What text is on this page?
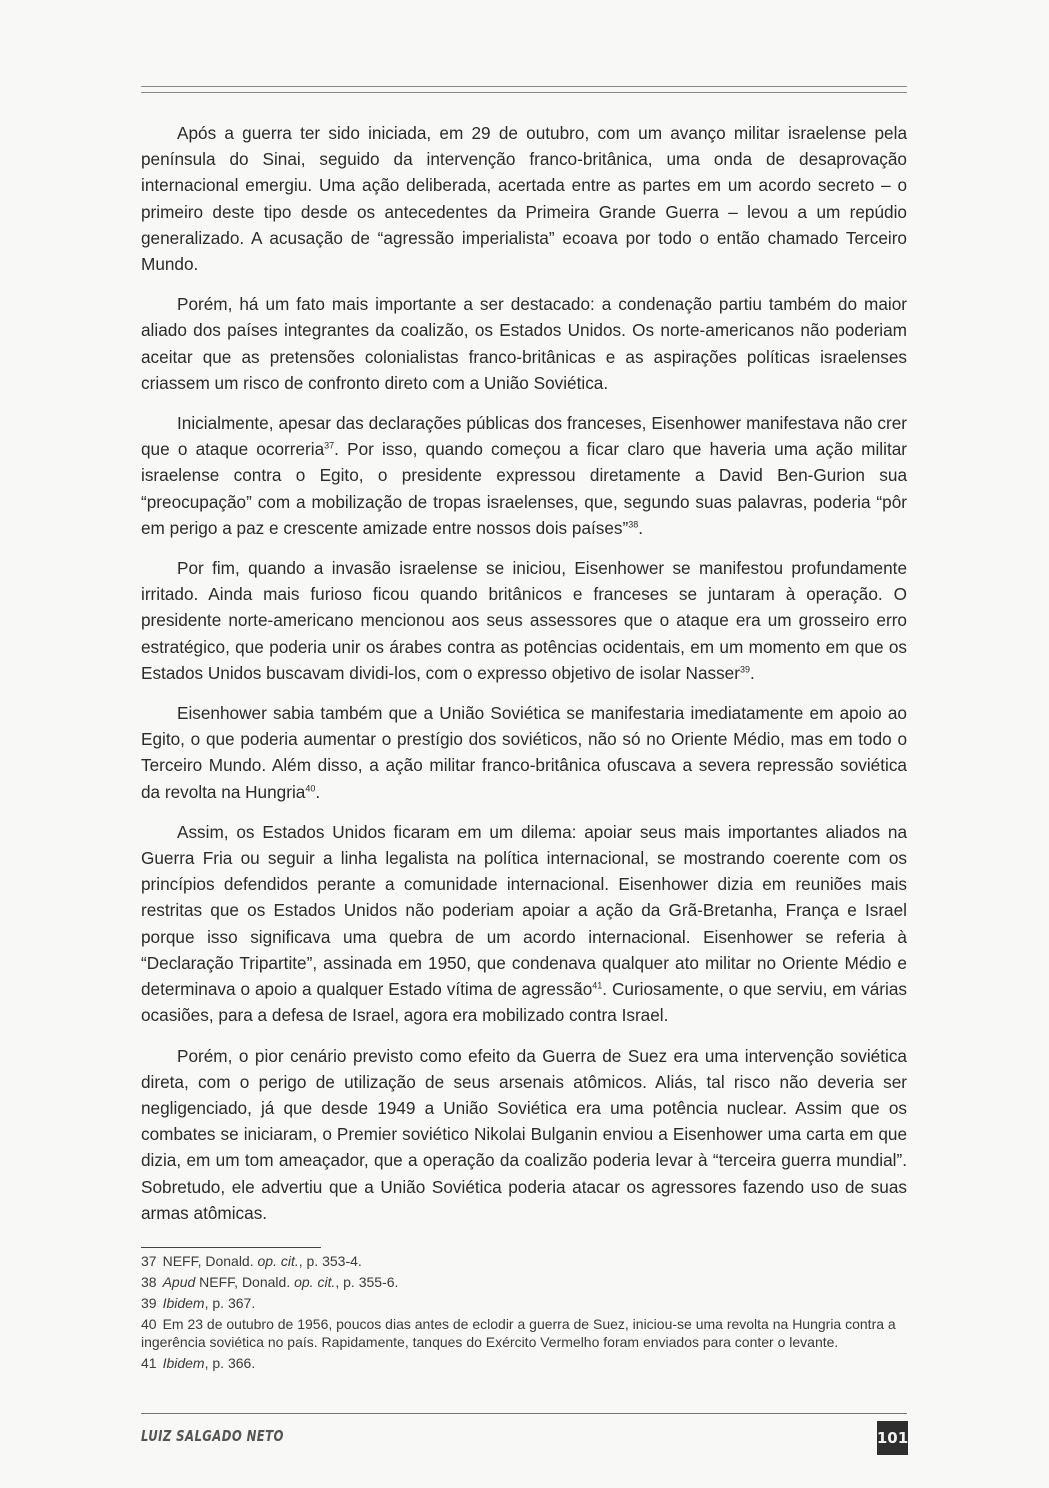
Após a guerra ter sido iniciada, em 29 de outubro, com um avanço militar israelense pela península do Sinai, seguido da intervenção franco-britânica, uma onda de desaprovação internacional emergiu. Uma ação deliberada, acertada entre as partes em um acordo secreto – o primeiro deste tipo desde os antecedentes da Primeira Grande Guerra – levou a um repúdio generalizado. A acusação de “agressão imperialista” ecoava por todo o então chamado Terceiro Mundo.

Porém, há um fato mais importante a ser destacado: a condenação partiu também do maior aliado dos países integrantes da coalizão, os Estados Unidos. Os norte-americanos não poderiam aceitar que as pretensões colonialistas franco-britânicas e as aspirações políticas israelenses criassem um risco de confronto direto com a União Soviética.

Inicialmente, apesar das declarações públicas dos franceses, Eisenhower manifestava não crer que o ataque ocorreria$^{37}$. Por isso, quando começou a ficar claro que haveria uma ação militar israelense contra o Egito, o presidente expressou diretamente a David Ben-Gurion sua “preocupação” com a mobilização de tropas israelenses, que, segundo suas palavras, poderia “pôr em perigo a paz e crescente amizade entre nossos dois países”$^{38}$.

Por fim, quando a invasão israelense se iniciou, Eisenhower se manifestou profundamente irritado. Ainda mais furioso ficou quando britânicos e franceses se juntaram à operação. O presidente norte-americano mencionou aos seus assessores que o ataque era um grosseiro erro estratégico, que poderia unir os árabes contra as potências ocidentais, em um momento em que os Estados Unidos buscavam dividi-los, com o expresso objetivo de isolar Nasser$^{39}$.

Eisenhower sabia também que a União Soviética se manifestaria imediatamente em apoio ao Egito, o que poderia aumentar o prestígio dos soviéticos, não só no Oriente Médio, mas em todo o Terceiro Mundo. Além disso, a ação militar franco-britânica ofuscava a severa repressão soviética da revolta na Hungria$^{40}$.

Assim, os Estados Unidos ficaram em um dilema: apoiar seus mais importantes aliados na Guerra Fria ou seguir a linha legalista na política internacional, se mostrando coerente com os princípios defendidos perante a comunidade internacional. Eisenhower dizia em reuniões mais restritas que os Estados Unidos não poderiam apoiar a ação da Grã-Bretanha, França e Israel porque isso significava uma quebra de um acordo internacional. Eisenhower se referia à “Declaração Tripartite”, assinada em 1950, que condenava qualquer ato militar no Oriente Médio e determinava o apoio a qualquer Estado vítima de agressão$^{41}$. Curiosamente, o que serviu, em várias ocasiões, para a defesa de Israel, agora era mobilizado contra Israel.

Porém, o pior cenário previsto como efeito da Guerra de Suez era uma intervenção soviética direta, com o perigo de utilização de seus arsenais atômicos. Aliás, tal risco não deveria ser negligenciado, já que desde 1949 a União Soviética era uma potência nuclear. Assim que os combates se iniciaram, o Premier soviético Nikolai Bulganin enviou a Eisenhower uma carta em que dizia, em um tom ameaçador, que a operação da coalizão poderia levar à “terceira guerra mundial”. Sobretudo, ele advertiu que a União Soviética poderia atacar os agressores fazendo uso de suas armas atômicas.

37 NEFF, Donald. op. cit., p. 353-4.

38 Apud NEFF, Donald. op. cit., p. 355-6.

39 Ibidem, p. 367.

40 Em 23 de outubro de 1956, poucos dias antes de eclodir a guerra de Suez, iniciou-se uma revolta na Hungria contra a ingerência soviética no país. Rapidamente, tanques do Exército Vermelho foram enviados para conter o levante.

41 Ibidem, p. 366.

LUIZ SALGADO NETO	101
